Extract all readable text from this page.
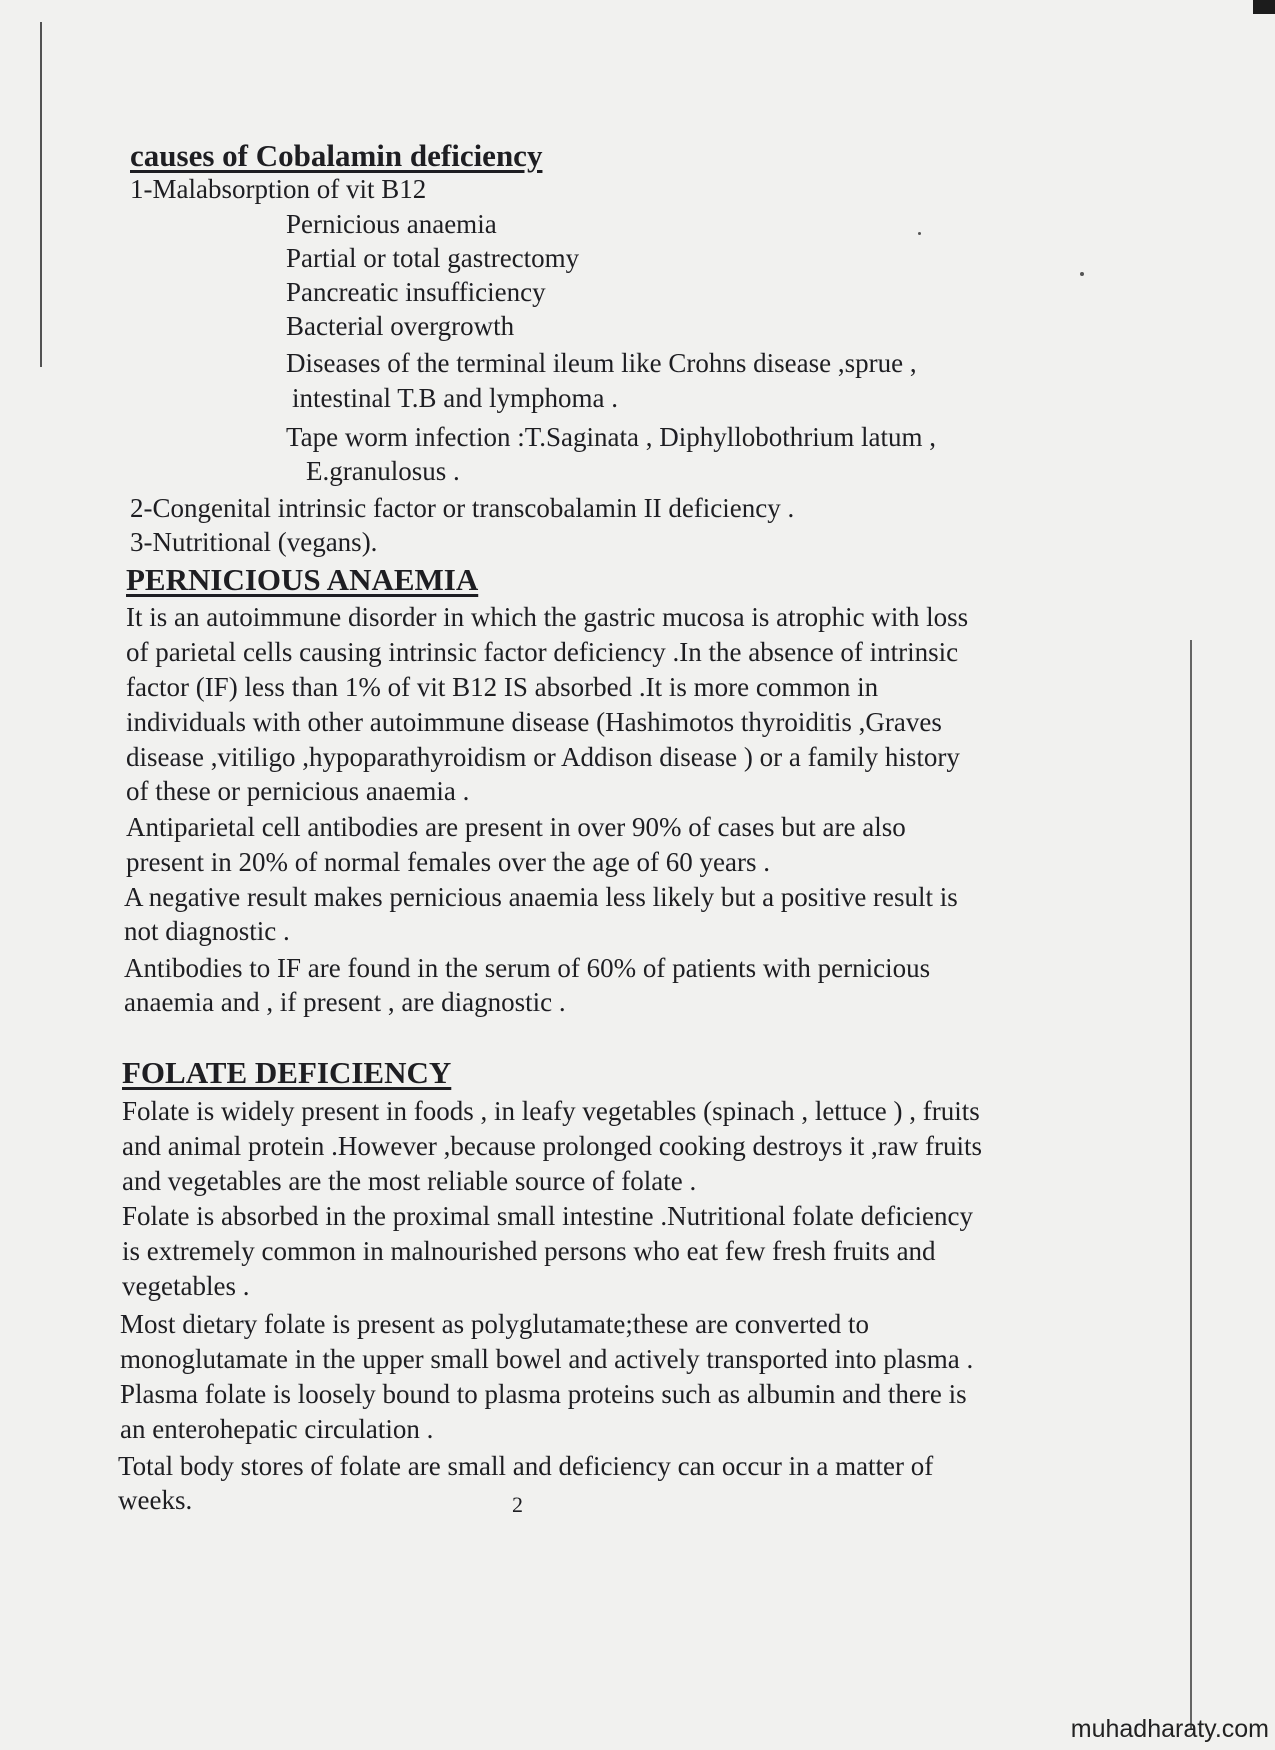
causes of Cobalamin deficiency
1-Malabsorption of vit B12
Pernicious anaemia
Partial or total gastrectomy
Pancreatic insufficiency
Bacterial overgrowth
Diseases of the terminal ileum like Crohns disease ,sprue ,
intestinal T.B and lymphoma .
Tape worm infection :T.Saginata , Diphyllobothrium latum ,
E.granulosus .
2-Congenital intrinsic factor or transcobalamin II deficiency .
3-Nutritional (vegans).
PERNICIOUS ANAEMIA
It is an autoimmune disorder in which the gastric mucosa is atrophic with loss
of parietal cells causing intrinsic factor deficiency .In the absence of intrinsic
factor (IF) less than 1% of vit B12 IS absorbed .It is more common in
individuals with other autoimmune disease (Hashimotos thyroiditis ,Graves
disease ,vitiligo ,hypoparathyroidism or Addison disease ) or a family history
of these or pernicious anaemia .
Antiparietal cell antibodies are present in over 90% of cases but are also
present in 20% of normal females over the age of 60 years .
A negative result makes pernicious anaemia less likely but a positive result is
not diagnostic .
Antibodies to IF are found in the serum of 60% of patients with pernicious
anaemia and , if present , are diagnostic .
FOLATE DEFICIENCY
Folate is widely present in foods , in leafy vegetables (spinach , lettuce ) , fruits
and animal protein .However ,because prolonged cooking destroys it ,raw fruits
and vegetables are the most reliable source of folate .
Folate is absorbed in the proximal small intestine .Nutritional folate deficiency
is extremely common in malnourished persons who eat few fresh fruits and
vegetables .
Most dietary folate is present as polyglutamate;these are converted to
monoglutamate in the upper small bowel and actively transported into plasma .
Plasma folate is loosely bound to plasma proteins such as albumin and there is
an enterohepatic circulation .
Total body stores of folate are small and deficiency can occur in a matter of
weeks.	2
muhadharaty.com
